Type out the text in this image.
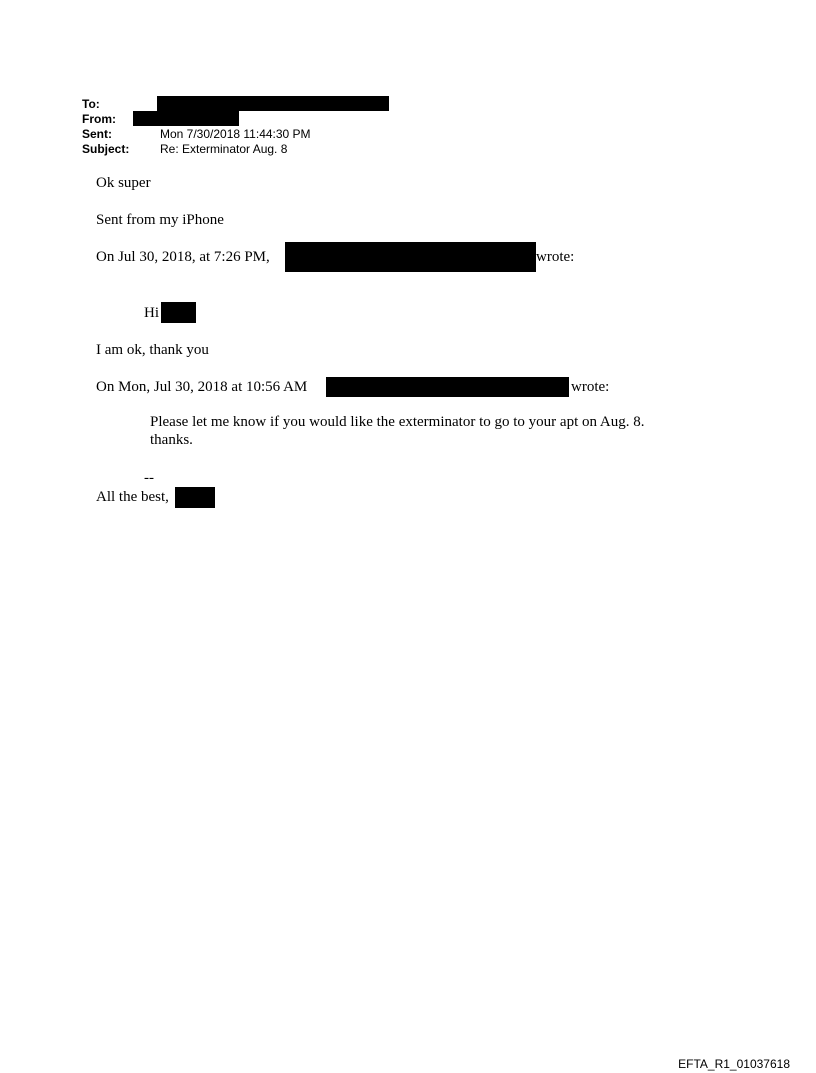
To:
From:
Sent:	Mon 7/30/2018 11:44:30 PM
Subject:	Re: Exterminator Aug. 8
Ok super
Sent from my iPhone
On Jul 30, 2018, at 7:26 PM,	wrote:
Hi
I am ok, thank you
On Mon, Jul 30, 2018 at 10:56 AM	wrote:
Please let me know if you would like the exterminator to go to your apt on Aug. 8. thanks.
--
All the best,
EFTA_R1_01037618
